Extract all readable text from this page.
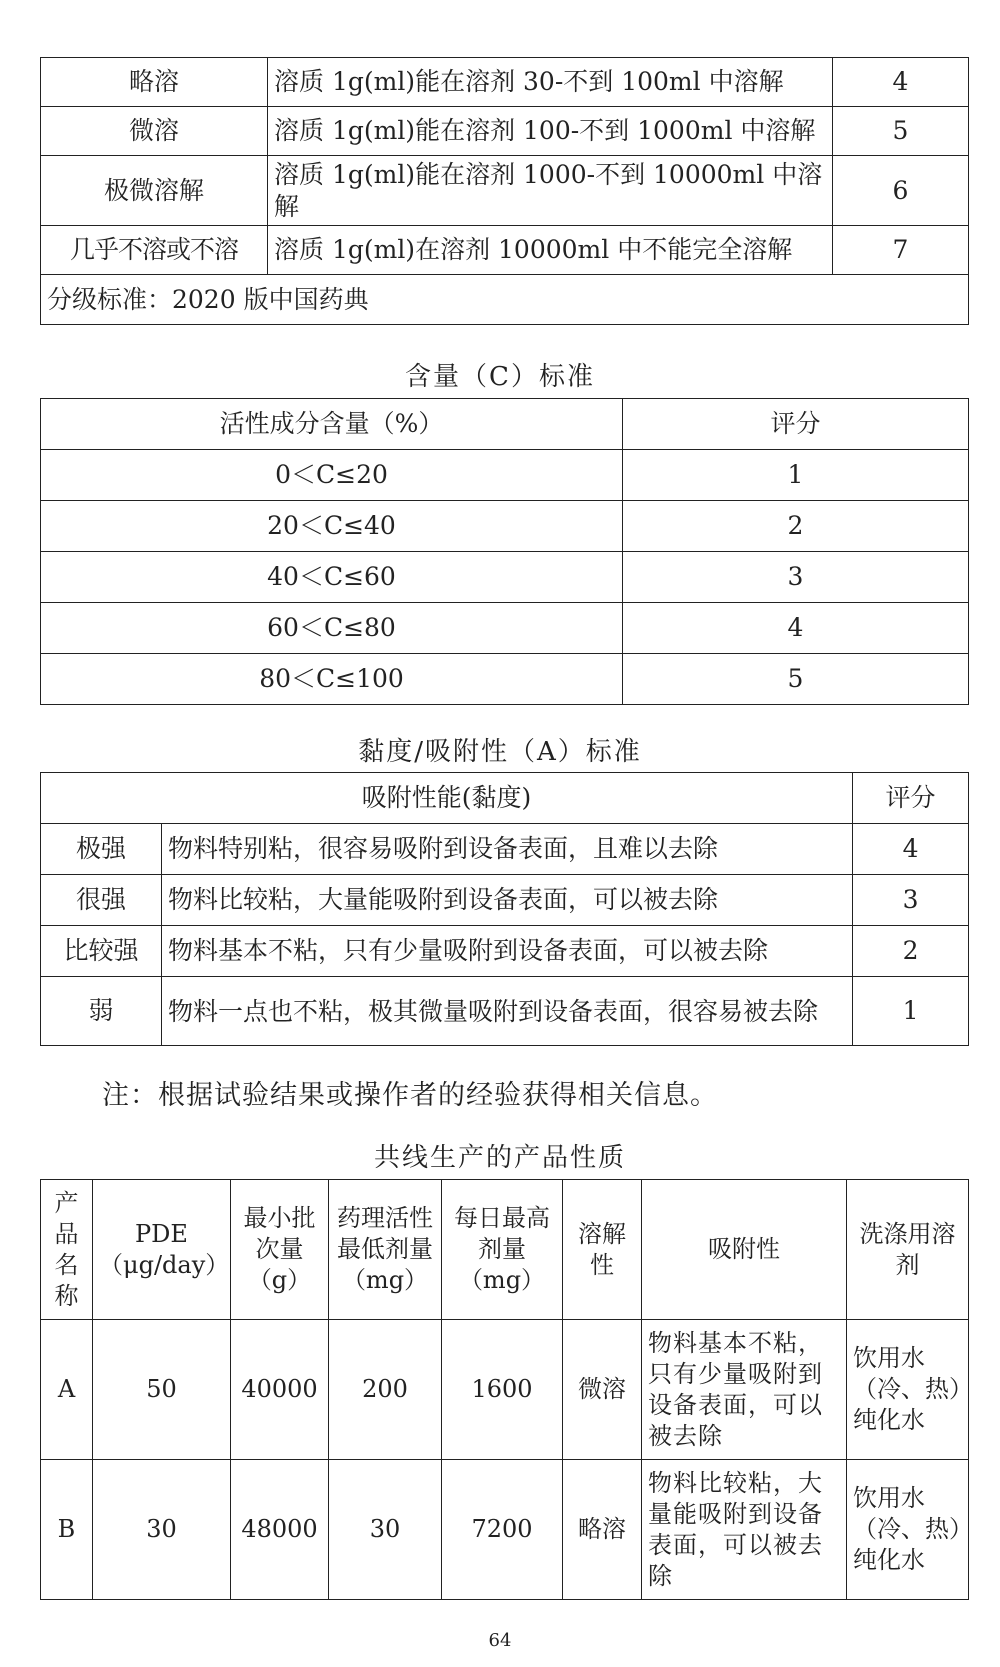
略溶	溶质 1g(ml)能在溶剂 30-不到 100ml 中溶解	4
微溶	溶质 1g(ml)能在溶剂 100-不到 1000ml 中溶解	5
极微溶解	溶质 1g(ml)能在溶剂 1000-不到 10000ml 中溶解	6
几乎不溶或不溶	溶质 1g(ml)在溶剂 10000ml 中不能完全溶解	7
分级标准：2020 版中国药典		
含量（C）标准
活性成分含量（%）	评分
0＜C≤20	1
20＜C≤40	2
40＜C≤60	3
60＜C≤80	4
80＜C≤100	5
黏度/吸附性（A）标准
吸附性能(黏度)		评分
极强	物料特别粘，很容易吸附到设备表面，且难以去除	4
很强	物料比较粘，大量能吸附到设备表面，可以被去除	3
比较强	物料基本不粘，只有少量吸附到设备表面，可以被去除	2
弱	物料一点也不粘，极其微量吸附到设备表面，很容易被去除	1
注：根据试验结果或操作者的经验获得相关信息。
共线生产的产品性质
产品名称	PDE（μg/day）	最小批次量（g）	药理活性最低剂量（mg）	每日最高剂量（mg）	溶解性	吸附性	洗涤用溶剂
A	50	40000	200	1600	微溶	物料基本不粘，只有少量吸附到设备表面，可以被去除	饮用水（冷、热）纯化水
B	30	48000	30	7200	略溶	物料比较粘，大量能吸附到设备表面，可以被去除	饮用水（冷、热）纯化水
64
